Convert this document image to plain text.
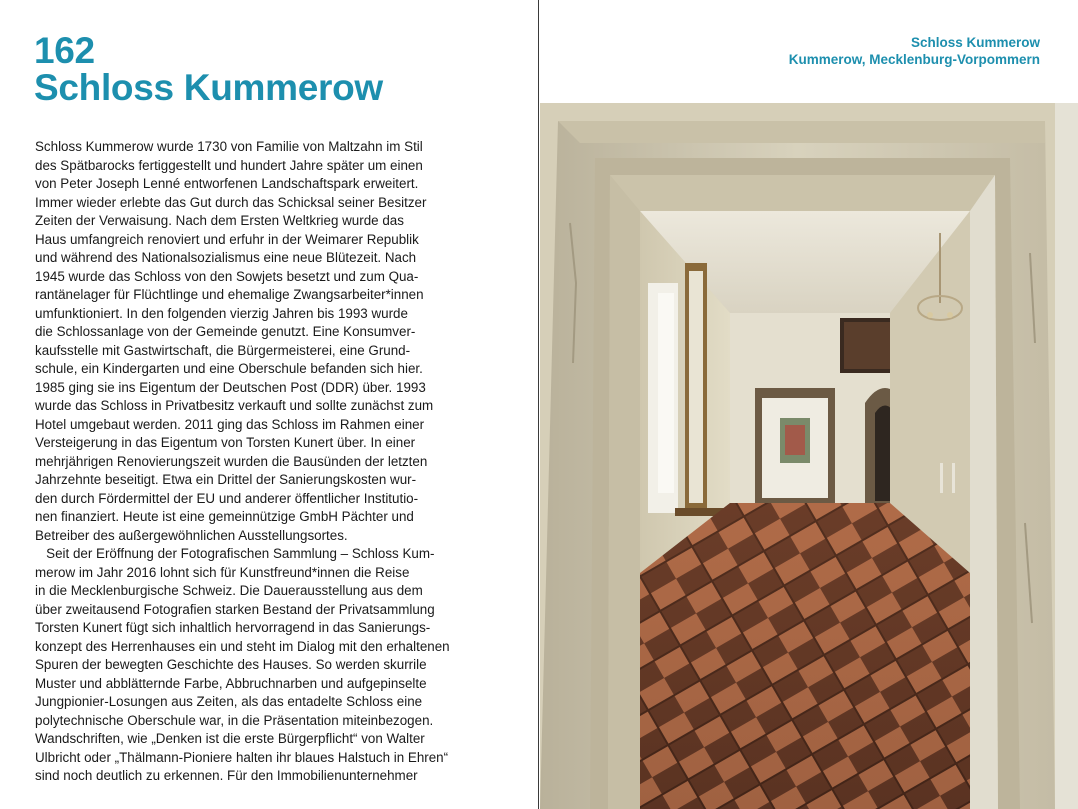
162
Schloss Kummerow
Schloss Kummerow wurde 1730 von Familie von Maltzahn im Stil
des Spätbarocks fertiggestellt und hundert Jahre später um einen
von Peter Joseph Lenné entworfenen Landschaftspark erweitert.
Immer wieder erlebte das Gut durch das Schicksal seiner Besitzer
Zeiten der Verwaisung. Nach dem Ersten Weltkrieg wurde das
Haus umfangreich renoviert und erfuhr in der Weimarer Republik
und während des Nationalsozialismus eine neue Blütezeit. Nach
1945 wurde das Schloss von den Sowjets besetzt und zum Qua-
rantänelager für Flüchtlinge und ehemalige Zwangsarbeiter*innen
umfunktioniert. In den folgenden vierzig Jahren bis 1993 wurde
die Schlossanlage von der Gemeinde genutzt. Eine Konsumver-
kaufsstelle mit Gastwirtschaft, die Bürgermeisterei, eine Grund-
schule, ein Kindergarten und eine Oberschule befanden sich hier.
1985 ging sie ins Eigentum der Deutschen Post (DDR) über. 1993
wurde das Schloss in Privatbesitz verkauft und sollte zunächst zum
Hotel umgebaut werden. 2011 ging das Schloss im Rahmen einer
Versteigerung in das Eigentum von Torsten Kunert über. In einer
mehrjährigen Renovierungszeit wurden die Bausünden der letzten
Jahrzehnte beseitigt. Etwa ein Drittel der Sanierungskosten wur-
den durch Fördermittel der EU und anderer öffentlicher Institutio-
nen finanziert. Heute ist eine gemeinnützige GmbH Pächter und
Betreiber des außergewöhnlichen Ausstellungsortes.
Seit der Eröffnung der Fotografischen Sammlung – Schloss Kum-
merow im Jahr 2016 lohnt sich für Kunstfreund*innen die Reise
in die Mecklenburgische Schweiz. Die Dauerausstellung aus dem
über zweitausend Fotografien starken Bestand der Privatsammlung
Torsten Kunert fügt sich inhaltlich hervorragend in das Sanierungs-
konzept des Herrenhauses ein und steht im Dialog mit den erhaltenen
Spuren der bewegten Geschichte des Hauses. So werden skurrile
Muster und abblätternde Farbe, Abbruchnarben und aufgepinselte
Jungpionier-Losungen aus Zeiten, als das entadelte Schloss eine
polytechnische Oberschule war, in die Präsentation miteinbezogen.
Wandschriften, wie „Denken ist die erste Bürgerpflicht“ von Walter
Ulbricht oder „Thälmann-Pioniere halten ihr blaues Halstuch in Ehren“
sind noch deutlich zu erkennen. Für den Immobilienunternehmer
Schloss Kummerow
Kummerow, Mecklenburg-Vorpommern
